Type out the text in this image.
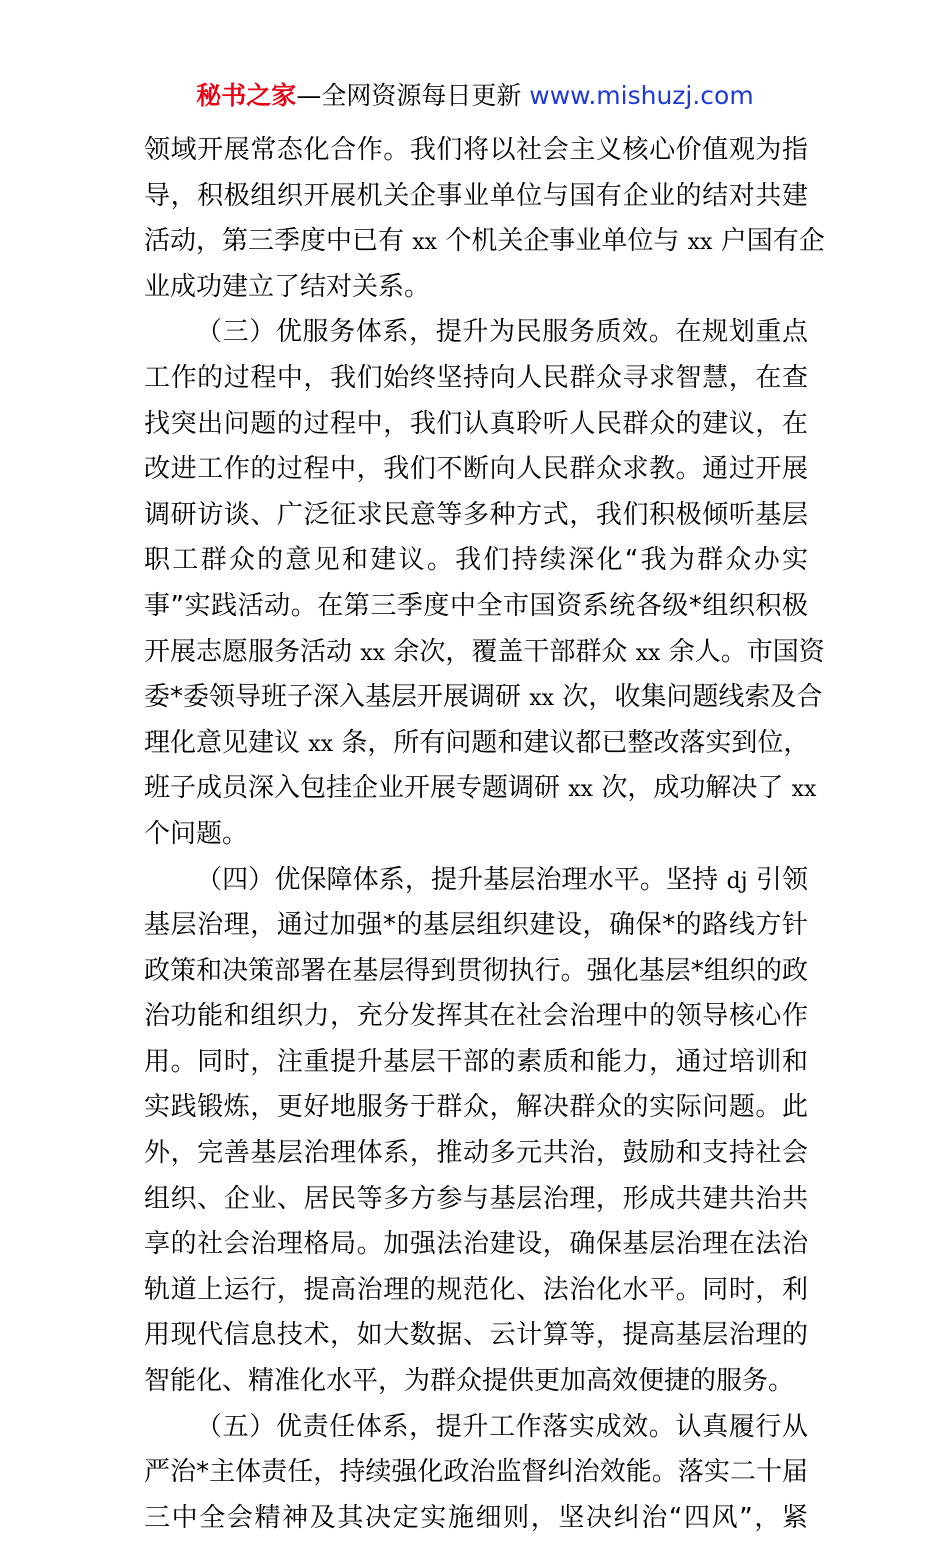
秘书之家—全网资源每日更新 www.mishuzj.com
领域开展常态化合作。我们将以社会主义核心价值观为指
导，积极组织开展机关企事业单位与国有企业的结对共建
活动，第三季度中已有 xx 个机关企事业单位与 xx 户国有企
业成功建立了结对关系。
（三）优服务体系，提升为民服务质效。在规划重点
工作的过程中，我们始终坚持向人民群众寻求智慧，在查
找突出问题的过程中，我们认真聆听人民群众的建议，在
改进工作的过程中，我们不断向人民群众求教。通过开展
调研访谈、广泛征求民意等多种方式，我们积极倾听基层
职工群众的意见和建议。我们持续深化“我为群众办实
事”实践活动。在第三季度中全市国资系统各级*组织积极
开展志愿服务活动 xx 余次，覆盖干部群众 xx 余人。市国资
委*委领导班子深入基层开展调研 xx 次，收集问题线索及合
理化意见建议 xx 条，所有问题和建议都已整改落实到位，
班子成员深入包挂企业开展专题调研 xx 次，成功解决了 xx
个问题。
（四）优保障体系，提升基层治理水平。坚持 dj 引领
基层治理，通过加强*的基层组织建设，确保*的路线方针
政策和决策部署在基层得到贯彻执行。强化基层*组织的政
治功能和组织力，充分发挥其在社会治理中的领导核心作
用。同时，注重提升基层干部的素质和能力，通过培训和
实践锻炼，更好地服务于群众，解决群众的实际问题。此
外，完善基层治理体系，推动多元共治，鼓励和支持社会
组织、企业、居民等多方参与基层治理，形成共建共治共
享的社会治理格局。加强法治建设，确保基层治理在法治
轨道上运行，提高治理的规范化、法治化水平。同时，利
用现代信息技术，如大数据、云计算等，提高基层治理的
智能化、精准化水平，为群众提供更加高效便捷的服务。
（五）优责任体系，提升工作落实成效。认真履行从
严治*主体责任，持续强化政治监督纠治效能。落实二十届
三中全会精神及其决定实施细则，坚决纠治“四风”，紧
